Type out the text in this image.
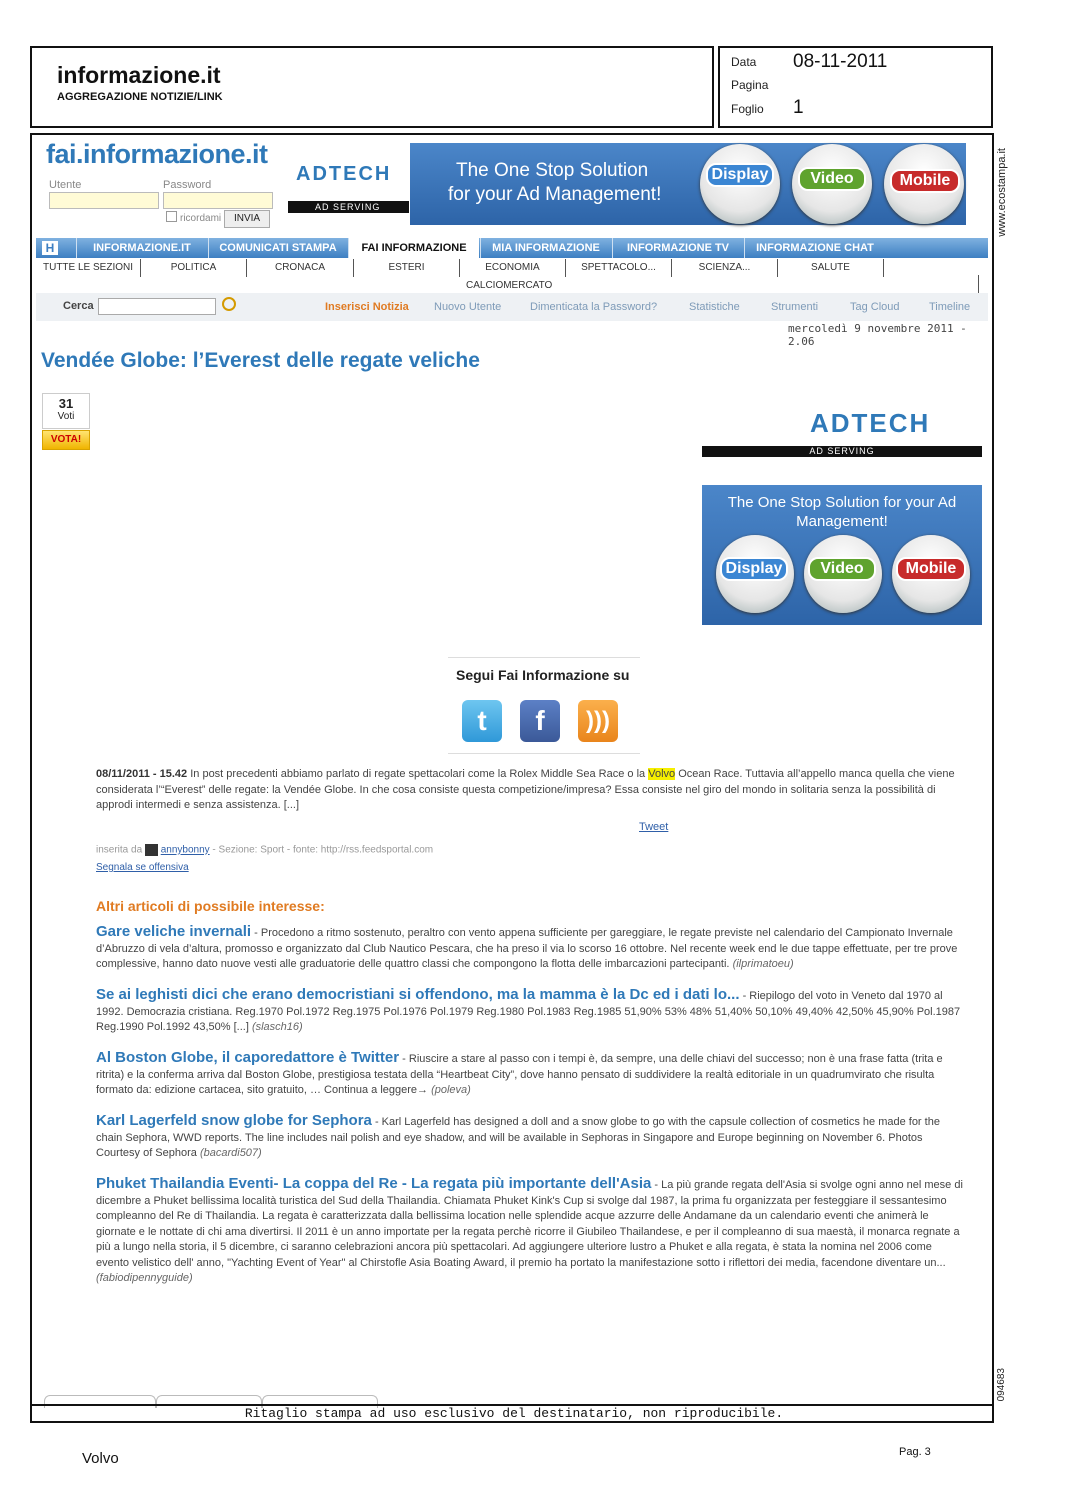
informazione.it
AGGREGAZIONE NOTIZIE/LINK
Data 08-11-2011
Pagina
Foglio 1
www.ecostampa.it
094683
fai.informazione.it
Utente	Password
ricordami	INVIA
ADTECH
AD SERVING
The One Stop Solution
for your Ad Management!
Display	Video	Mobile
H	INFORMAZIONE.IT	COMUNICATI STAMPA	FAI INFORMAZIONE	MIA INFORMAZIONE	INFORMAZIONE TV	INFORMAZIONE CHAT
TUTTE LE SEZIONI	POLITICA	CRONACA	ESTERI	ECONOMIA	SPETTACOLO...	SCIENZA...	SALUTE
CALCIOMERCATO
Cerca	Inserisci Notizia Nuovo Utente	Dimenticata la Password?	Statistiche	Strumenti	Tag Cloud	Timeline
mercoledì 9 novembre 2011 - 2.06
Vendée Globe: l’Everest delle regate veliche
31
Voti
VOTA!
ADTECH
AD SERVING
The One Stop Solution for your Ad Management!
Display	Video	Mobile
Segui Fai Informazione su
t	f	)))
08/11/2011 - 15.42 In post precedenti abbiamo parlato di regate spettacolari come la Rolex Middle Sea Race o la Volvo Ocean Race. Tuttavia all’appello manca quella che viene considerata l’“Everest” delle regate: la Vendée Globe. In che cosa consiste questa competizione/impresa? Essa consiste nel giro del mondo in solitaria senza la possibilità di approdi intermedi e senza assistenza. [...]
Tweet
inserita da annybonny - Sezione: Sport - fonte: http://rss.feedsportal.com
Segnala se offensiva
Altri articoli di possibile interesse:
Gare veliche invernali - Procedono a ritmo sostenuto, peraltro con vento appena sufficiente per gareggiare, le regate previste nel calendario del Campionato Invernale d’Abruzzo di vela d’altura, promosso e organizzato dal Club Nautico Pescara, che ha preso il via lo scorso 16 ottobre. Nel recente week end le due tappe effettuate, per tre prove complessive, hanno dato nuove vesti alle graduatorie delle quattro classi che compongono la flotta delle imbarcazioni partecipanti. (ilprimatoeu)
Se ai leghisti dici che erano democristiani si offendono, ma la mamma è la Dc ed i dati lo... - Riepilogo del voto in Veneto dal 1970 al 1992. Democrazia cristiana. Reg.1970 Pol.1972 Reg.1975 Pol.1976 Pol.1979 Reg.1980 Pol.1983 Reg.1985 51,90% 53% 48% 51,40% 50,10% 49,40% 42,50% 45,90% Pol.1987 Reg.1990 Pol.1992 43,50% [...] (slasch16)
Al Boston Globe, il caporedattore è Twitter - Riuscire a stare al passo con i tempi è, da sempre, una delle chiavi del successo; non è una frase fatta (trita e ritrita) e la conferma arriva dal Boston Globe, prestigiosa testata della “Heartbeat City”, dove hanno pensato di suddividere la realtà editoriale in un quadrumvirato che risulta formato da: edizione cartacea, sito gratuito, … Continua a leggere→ (poleva)
Karl Lagerfeld snow globe for Sephora - Karl Lagerfeld has designed a doll and a snow globe to go with the capsule collection of cosmetics he made for the chain Sephora, WWD reports. The line includes nail polish and eye shadow, and will be available in Sephoras in Singapore and Europe beginning on November 6. Photos Courtesy of Sephora (bacardi507)
Phuket Thailandia Eventi- La coppa del Re - La regata più importante dell'Asia - La più grande regata dell'Asia si svolge ogni anno nel mese di dicembre a Phuket bellissima località turistica del Sud della Thailandia. Chiamata Phuket Kink's Cup si svolge dal 1987, la prima fu organizzata per festeggiare il sessantesimo compleanno del Re di Thailandia. La regata è caratterizzata dalla bellissima location nelle splendide acque azzurre delle Andamane da un calendario eventi che animerà le giornate e le nottate di chi ama divertirsi. Il 2011 è un anno importate per la regata perchè ricorre il Giubileo Thailandese, e per il compleanno di sua maestà, il monarca regnate a più a lungo nella storia, il 5 dicembre, ci saranno celebrazioni ancora più spettacolari. Ad aggiungere ulteriore lustro a Phuket e alla regata, è stata la nomina nel 2006 come evento velistico dell' anno, "Yachting Event of Year" al Chirstofle Asia Boating Award, il premio ha portato la manifestazione sotto i riflettori dei media, facendone diventare un... (fabiodipennyguide)
Ritaglio stampa ad uso esclusivo del destinatario, non riproducibile.
Volvo	Pag. 3
